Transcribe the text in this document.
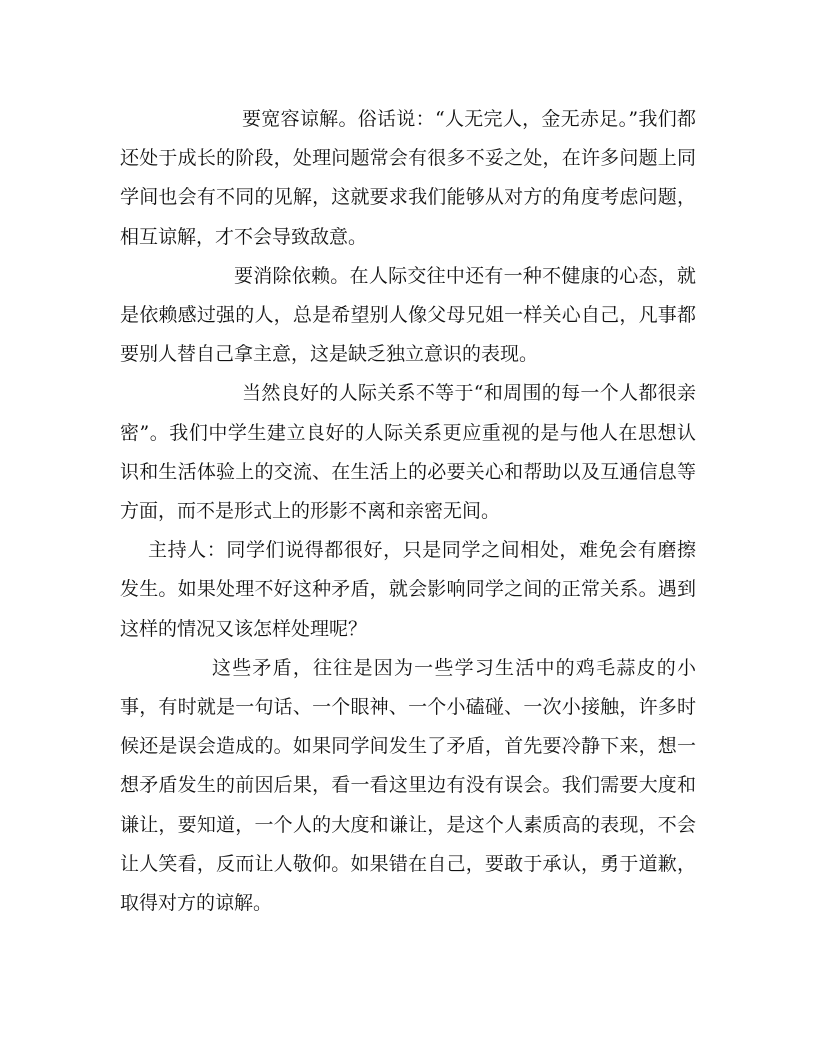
要宽容谅解。俗话说：“人无完人，金无赤足。”我们都还处于成长的阶段，处理问题常会有很多不妥之处，在许多问题上同学间也会有不同的见解，这就要求我们能够从对方的角度考虑问题，相互谅解，才不会导致敌意。

要消除依赖。在人际交往中还有一种不健康的心态，就是依赖感过强的人，总是希望别人像父母兄姐一样关心自己，凡事都要别人替自己拿主意，这是缺乏独立意识的表现。

当然良好的人际关系不等于“和周围的每一个人都很亲密”。我们中学生建立良好的人际关系更应重视的是与他人在思想认识和生活体验上的交流、在生活上的必要关心和帮助以及互通信息等方面，而不是形式上的形影不离和亲密无间。

主持人：同学们说得都很好，只是同学之间相处，难免会有磨擦发生。如果处理不好这种矛盾，就会影响同学之间的正常关系。遇到这样的情况又该怎样处理呢？

这些矛盾，往往是因为一些学习生活中的鸡毛蒜皮的小事，有时就是一句话、一个眼神、一个小磕碰、一次小接触，许多时候还是误会造成的。如果同学间发生了矛盾，首先要冷静下来，想一想矛盾发生的前因后果，看一看这里边有没有误会。我们需要大度和谦让，要知道，一个人的大度和谦让，是这个人素质高的表现，不会让人笑看，反而让人敬仰。如果错在自己，要敢于承认，勇于道歉，取得对方的谅解。
